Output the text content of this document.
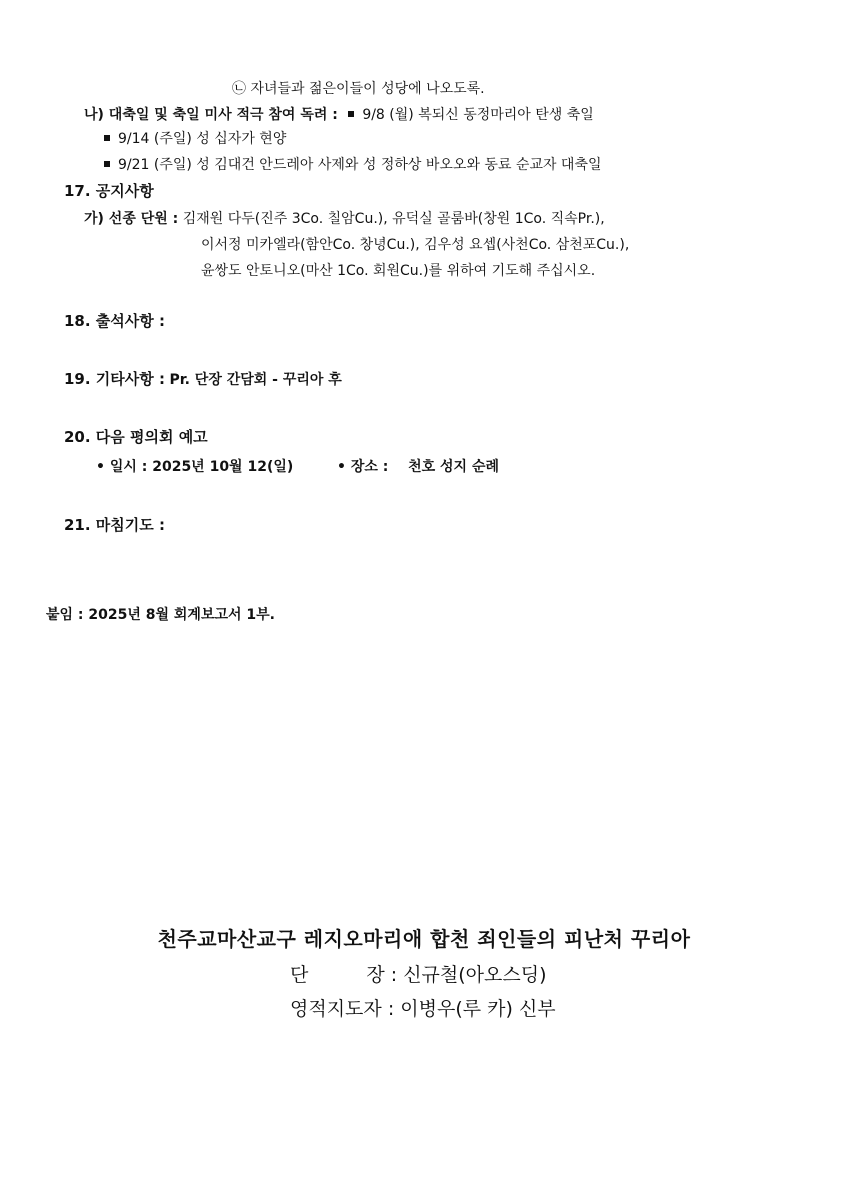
㉡ 자녀들과 젊은이들이 성당에 나오도록.
나) 대축일 및 축일 미사 적극 참여 독려 : 9/8 (월) 복되신 동정마리아 탄생 축일
9/14 (주일) 성 십자가 현양
9/21 (주일) 성 김대건 안드레아 사제와 성 정하상 바오오와 동료 순교자 대축일
17. 공지사항
가) 선종 단원 : 김재원 다두(진주 3Co. 칠암Cu.), 유덕실 골룸바(창원 1Co. 직속Pr.),
이서정 미카엘라(함안Co. 창녕Cu.), 김우성 요셉(사천Co. 삼천포Cu.),
윤쌍도 안토니오(마산 1Co. 회원Cu.)를 위하여 기도해 주십시오.
18. 출석사항 :
19. 기타사항 : Pr. 단장 간담회 - 꾸리아 후
20. 다음 평의회 예고
• 일시 : 2025년 10월 12(일)	• 장소 : 천호 성지 순례
21. 마침기도 :
붙임 : 2025년 8월 회계보고서 1부.
천주교마산교구 레지오마리애 합천 죄인들의 피난처 꾸리아
단	장 : 신규철(아오스딩)
영적지도자 : 이병우(루 카) 신부
